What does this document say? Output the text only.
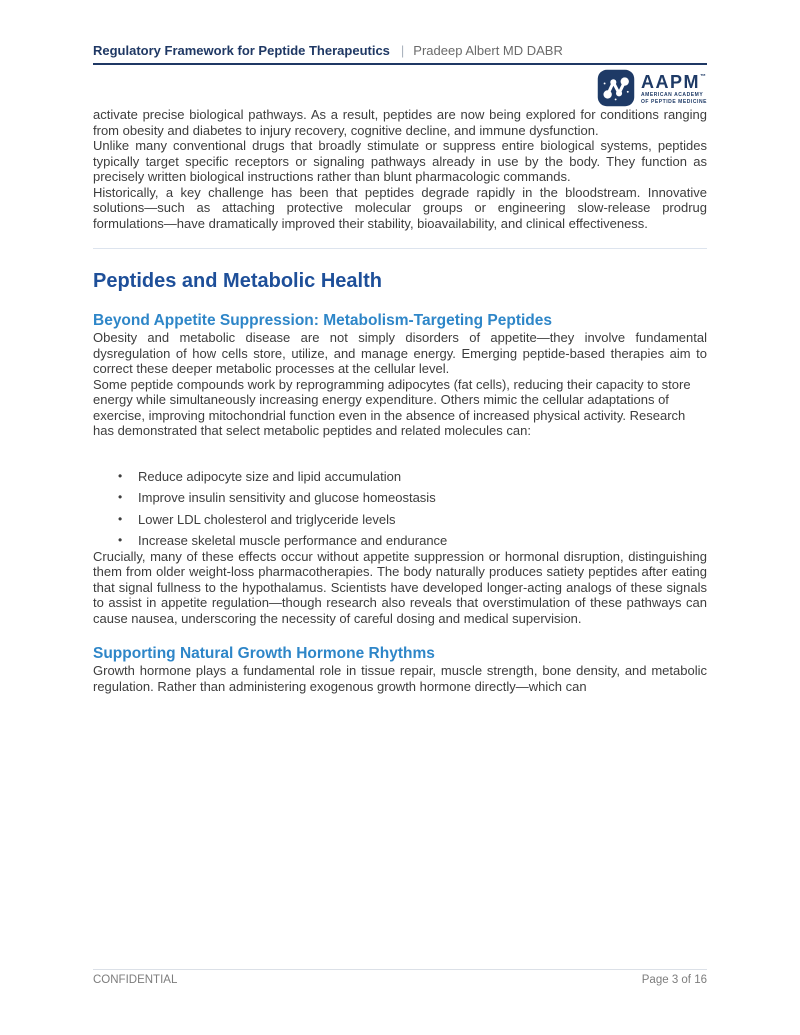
Regulatory Framework for Peptide Therapeutics | Pradeep Albert MD DABR
AAPM™
AMERICAN ACADEMY
OF PEPTIDE MEDICINE

activate precise biological pathways. As a result, peptides are now being explored for conditions ranging from obesity and diabetes to injury recovery, cognitive decline, and immune dysfunction.

Unlike many conventional drugs that broadly stimulate or suppress entire biological systems, peptides typically target specific receptors or signaling pathways already in use by the body. They function as precisely written biological instructions rather than blunt pharmacologic commands.

Historically, a key challenge has been that peptides degrade rapidly in the bloodstream. Innovative solutions—such as attaching protective molecular groups or engineering slow-release prodrug formulations—have dramatically improved their stability, bioavailability, and clinical effectiveness.

Peptides and Metabolic Health
Beyond Appetite Suppression: Metabolism-Targeting Peptides

Obesity and metabolic disease are not simply disorders of appetite—they involve fundamental dysregulation of how cells store, utilize, and manage energy. Emerging peptide-based therapies aim to correct these deeper metabolic processes at the cellular level.

Some peptide compounds work by reprogramming adipocytes (fat cells), reducing their capacity to store energy while simultaneously increasing energy expenditure. Others mimic the cellular adaptations of exercise, improving mitochondrial function even in the absence of increased physical activity. Research has demonstrated that select metabolic peptides and related molecules can:

• Reduce adipocyte size and lipid accumulation
• Improve insulin sensitivity and glucose homeostasis
• Lower LDL cholesterol and triglyceride levels
• Increase skeletal muscle performance and endurance

Crucially, many of these effects occur without appetite suppression or hormonal disruption, distinguishing them from older weight-loss pharmacotherapies. The body naturally produces satiety peptides after eating that signal fullness to the hypothalamus. Scientists have developed longer-acting analogs of these signals to assist in appetite regulation—though research also reveals that overstimulation of these pathways can cause nausea, underscoring the necessity of careful dosing and medical supervision.

Supporting Natural Growth Hormone Rhythms

Growth hormone plays a fundamental role in tissue repair, muscle strength, bone density, and metabolic regulation. Rather than administering exogenous growth hormone directly—which can

CONFIDENTIAL	Page 3 of 16
